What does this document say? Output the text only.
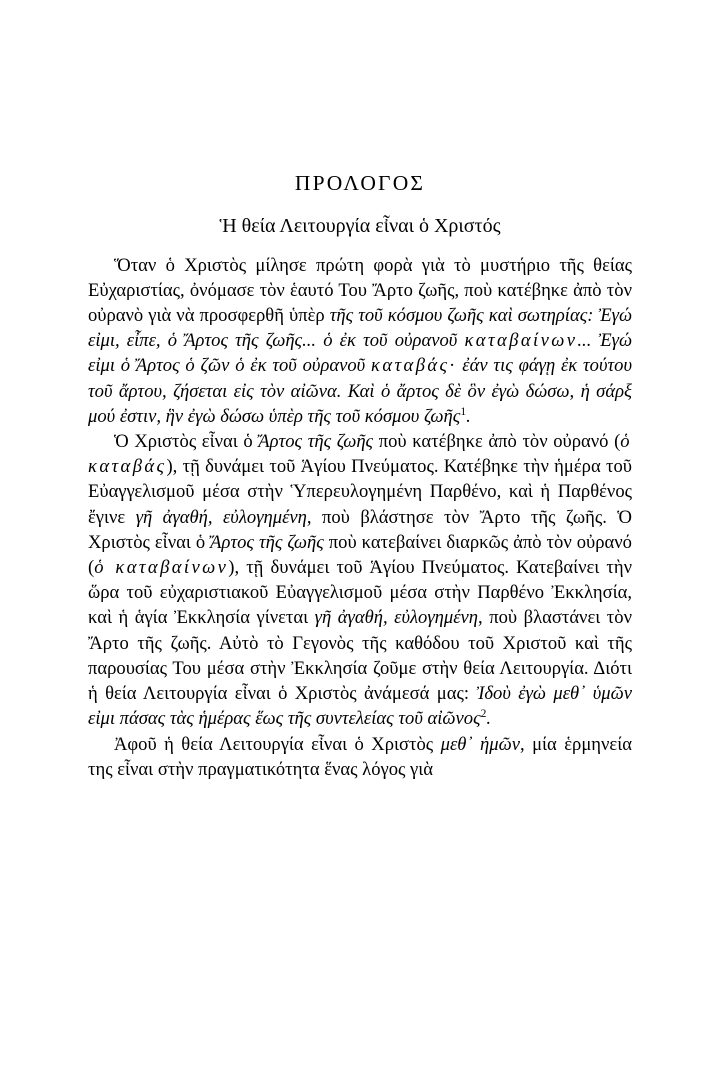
ΠΡΟΛΟΓΟΣ
Ἡ θεία Λειτουργία εἶναι ὁ Χριστός

Ὅταν ὁ Χριστὸς μίλησε πρώτη φορὰ γιὰ τὸ μυστήριο τῆς θείας Εὐχαριστίας, ὀνόμασε τὸν ἑαυτό Του Ἄρτο ζωῆς, ποὺ κατέβηκε ἀπὸ τὸν οὐρανὸ γιὰ νὰ προσφερθῆ ὑπὲρ τῆς τοῦ κόσμου ζωῆς καὶ σωτηρίας: Ἐγώ εἰμι, εἶπε, ὁ Ἄρτος τῆς ζωῆς... ὁ ἐκ τοῦ οὐρανοῦ καταβαίνων... Ἐγώ εἰμι ὁ Ἄρτος ὁ ζῶν ὁ ἐκ τοῦ οὐρανοῦ καταβάς· ἐάν τις φάγῃ ἐκ τούτου τοῦ ἄρτου, ζήσεται εἰς τὸν αἰῶνα. Καὶ ὁ ἄρτος δὲ ὃν ἐγὼ δώσω, ἡ σάρξ μού ἐστιν, ἣν ἐγὼ δώσω ὑπὲρ τῆς τοῦ κόσμου ζωῆς$^1$.

Ὁ Χριστὸς εἶναι ὁ Ἄρτος τῆς ζωῆς ποὺ κατέβηκε ἀπὸ τὸν οὐρανό (ὁ καταβάς), τῇ δυνάμει τοῦ Ἁγίου Πνεύματος. Κατέβηκε τὴν ἡμέρα τοῦ Εὐαγγελισμοῦ μέσα στὴν Ὑπερευλογημένη Παρθένο, καὶ ἡ Παρθένος ἔγινε γῆ ἀγαθή, εὐλογημένη, ποὺ βλάστησε τὸν Ἄρτο τῆς ζωῆς. Ὁ Χριστὸς εἶναι ὁ Ἄρτος τῆς ζωῆς ποὺ κατεβαίνει διαρκῶς ἀπὸ τὸν οὐρανό (ὁ καταβαίνων), τῇ δυνάμει τοῦ Ἁγίου Πνεύματος. Κατεβαίνει τὴν ὥρα τοῦ εὐχαριστιακοῦ Εὐαγγελισμοῦ μέσα στὴν Παρθένο Ἐκκλησία, καὶ ἡ ἁγία Ἐκκλησία γίνεται γῆ ἀγαθή, εὐλογημένη, ποὺ βλαστάνει τὸν Ἄρτο τῆς ζωῆς. Αὐτὸ τὸ Γεγονὸς τῆς καθόδου τοῦ Χριστοῦ καὶ τῆς παρουσίας Του μέσα στὴν Ἐκκλησία ζοῦμε στὴν θεία Λειτουργία. Διότι ἡ θεία Λειτουργία εἶναι ὁ Χριστὸς ἀνάμεσά μας: Ἰδοὺ ἐγὼ μεθ᾽ ὑμῶν εἰμι πάσας τὰς ἡμέρας ἕως τῆς συντελείας τοῦ αἰῶνος$^2$.

Ἀφοῦ ἡ θεία Λειτουργία εἶναι ὁ Χριστὸς μεθ᾽ ἡμῶν, μία ἑρμηνεία της εἶναι στὴν πραγματικότητα ἕνας λόγος γιὰ
